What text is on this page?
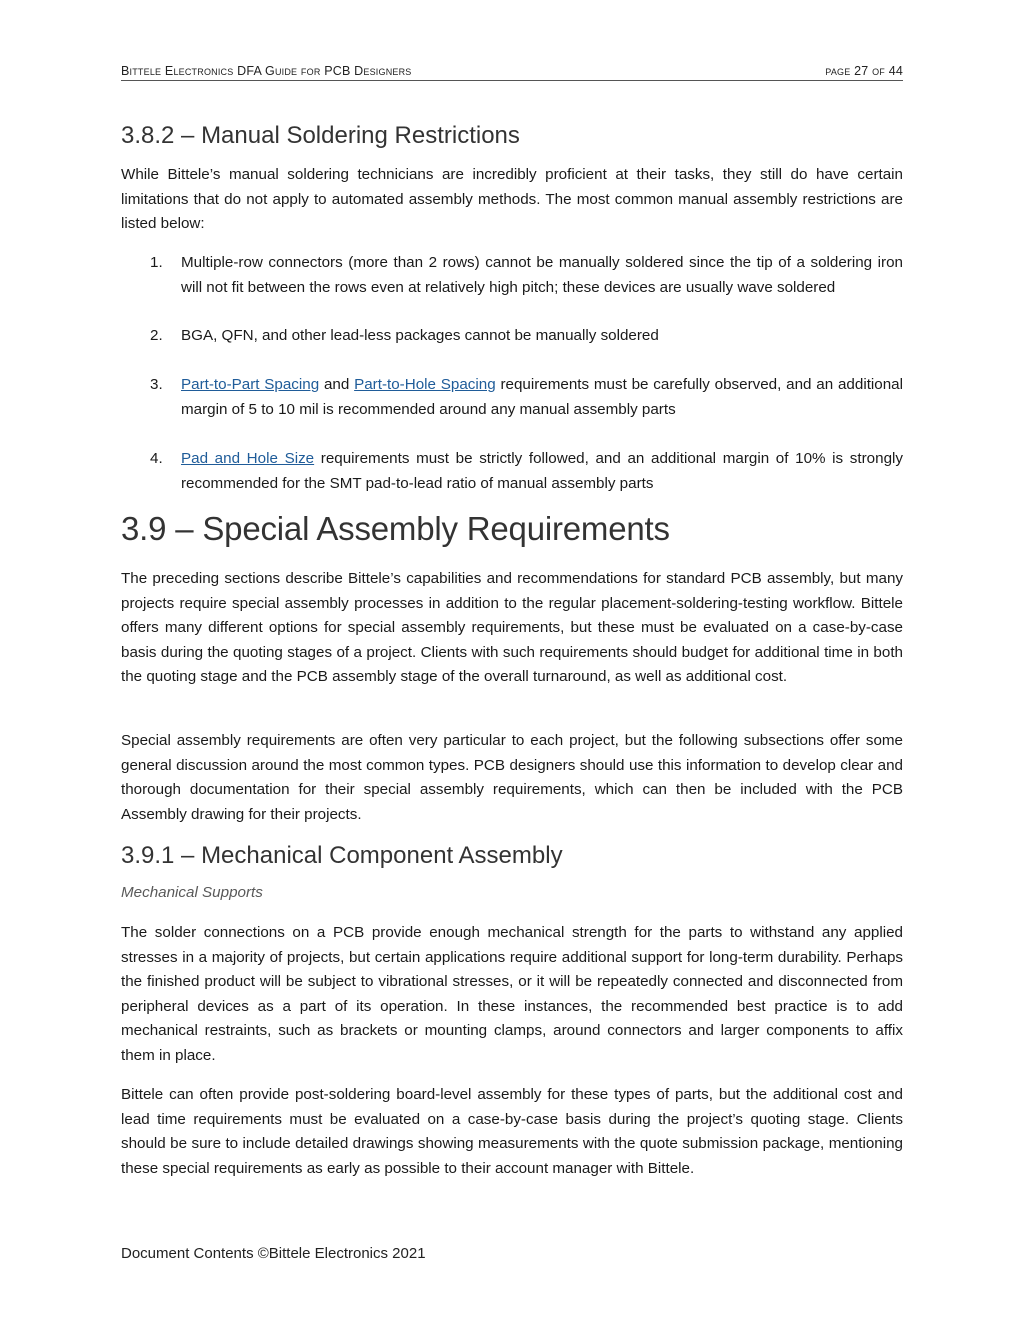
Bittele Electronics DFA Guide for PCB Designers	page 27 of 44
3.8.2 – Manual Soldering Restrictions

While Bittele’s manual soldering technicians are incredibly proficient at their tasks, they still do have certain limitations that do not apply to automated assembly methods. The most common manual assembly restrictions are listed below:

1. Multiple-row connectors (more than 2 rows) cannot be manually soldered since the tip of a soldering iron will not fit between the rows even at relatively high pitch; these devices are usually wave soldered
2. BGA, QFN, and other lead-less packages cannot be manually soldered
3. Part-to-Part Spacing and Part-to-Hole Spacing requirements must be carefully observed, and an additional margin of 5 to 10 mil is recommended around any manual assembly parts
4. Pad and Hole Size requirements must be strictly followed, and an additional margin of 10% is strongly recommended for the SMT pad-to-lead ratio of manual assembly parts
3.9 – Special Assembly Requirements

The preceding sections describe Bittele’s capabilities and recommendations for standard PCB assembly, but many projects require special assembly processes in addition to the regular placement-soldering-testing workflow. Bittele offers many different options for special assembly requirements, but these must be evaluated on a case-by-case basis during the quoting stages of a project. Clients with such requirements should budget for additional time in both the quoting stage and the PCB assembly stage of the overall turnaround, as well as additional cost.

Special assembly requirements are often very particular to each project, but the following subsections offer some general discussion around the most common types. PCB designers should use this information to develop clear and thorough documentation for their special assembly requirements, which can then be included with the PCB Assembly drawing for their projects.

3.9.1 – Mechanical Component Assembly
Mechanical Supports

The solder connections on a PCB provide enough mechanical strength for the parts to withstand any applied stresses in a majority of projects, but certain applications require additional support for long-term durability. Perhaps the finished product will be subject to vibrational stresses, or it will be repeatedly connected and disconnected from peripheral devices as a part of its operation. In these instances, the recommended best practice is to add mechanical restraints, such as brackets or mounting clamps, around connectors and larger components to affix them in place.

Bittele can often provide post-soldering board-level assembly for these types of parts, but the additional cost and lead time requirements must be evaluated on a case-by-case basis during the project’s quoting stage. Clients should be sure to include detailed drawings showing measurements with the quote submission package, mentioning these special requirements as early as possible to their account manager with Bittele.

Document Contents ©Bittele Electronics 2021
